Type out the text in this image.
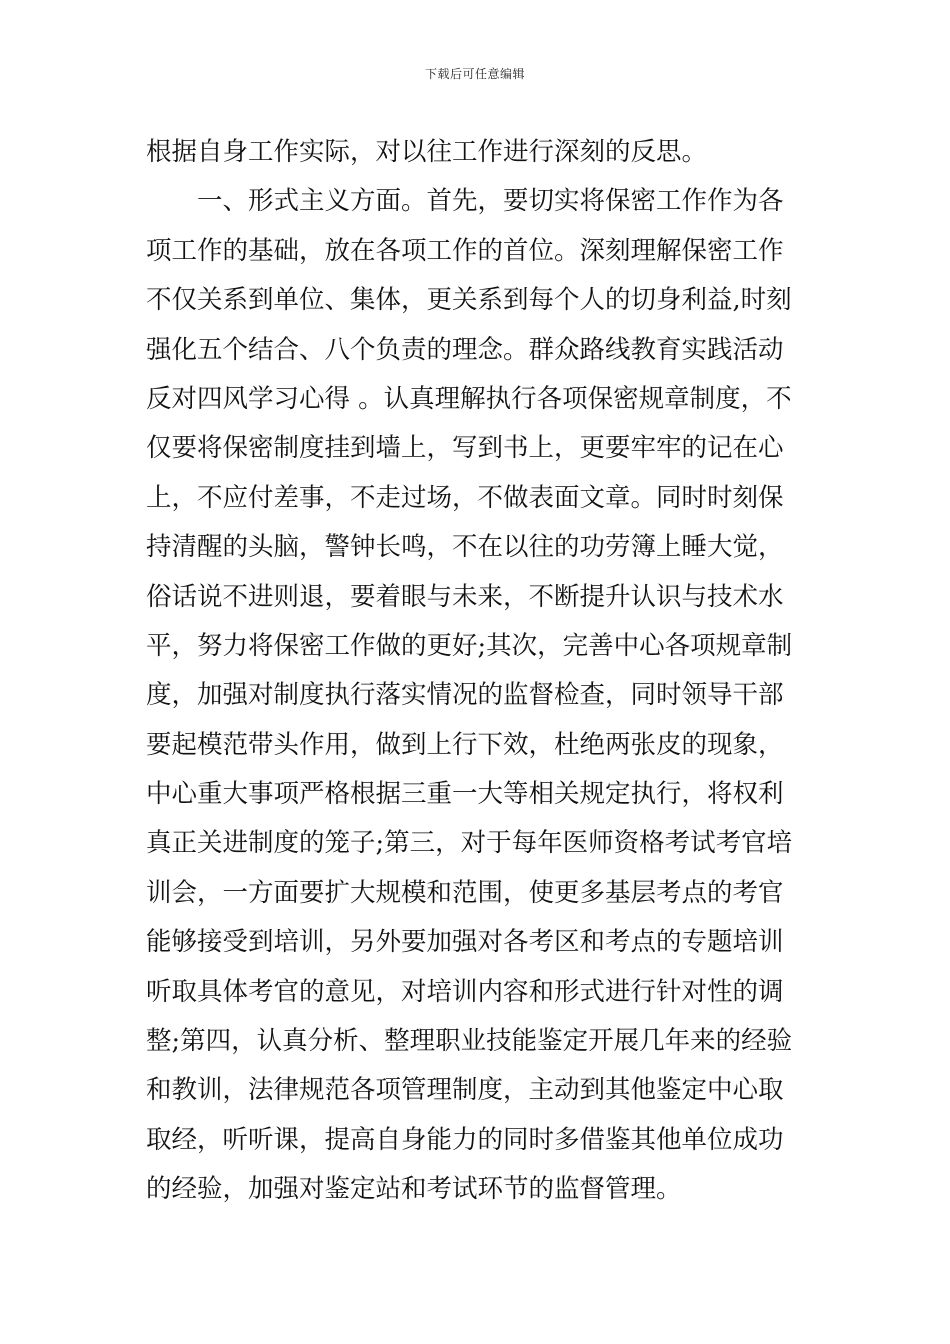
下载后可任意编辑
根据自身工作实际，对以往工作进行深刻的反思。
一、形式主义方面。首先，要切实将保密工作作为各
项工作的基础，放在各项工作的首位。深刻理解保密工作
不仅关系到单位、集体，更关系到每个人的切身利益,时刻
强化五个结合、八个负责的理念。群众路线教育实践活动
反对四风学习心得 。认真理解执行各项保密规章制度，不
仅要将保密制度挂到墙上，写到书上，更要牢牢的记在心
上，不应付差事，不走过场，不做表面文章。同时时刻保
持清醒的头脑，警钟长鸣，不在以往的功劳簿上睡大觉，
俗话说不进则退，要着眼与未来，不断提升认识与技术水
平，努力将保密工作做的更好;其次，完善中心各项规章制
度，加强对制度执行落实情况的监督检查，同时领导干部
要起模范带头作用，做到上行下效，杜绝两张皮的现象，
中心重大事项严格根据三重一大等相关规定执行，将权利
真正关进制度的笼子;第三，对于每年医师资格考试考官培
训会，一方面要扩大规模和范围，使更多基层考点的考官
能够接受到培训，另外要加强对各考区和考点的专题培训
听取具体考官的意见，对培训内容和形式进行针对性的调
整;第四，认真分析、整理职业技能鉴定开展几年来的经验
和教训，法律规范各项管理制度，主动到其他鉴定中心取
取经，听听课，提高自身能力的同时多借鉴其他单位成功
的经验，加强对鉴定站和考试环节的监督管理。
